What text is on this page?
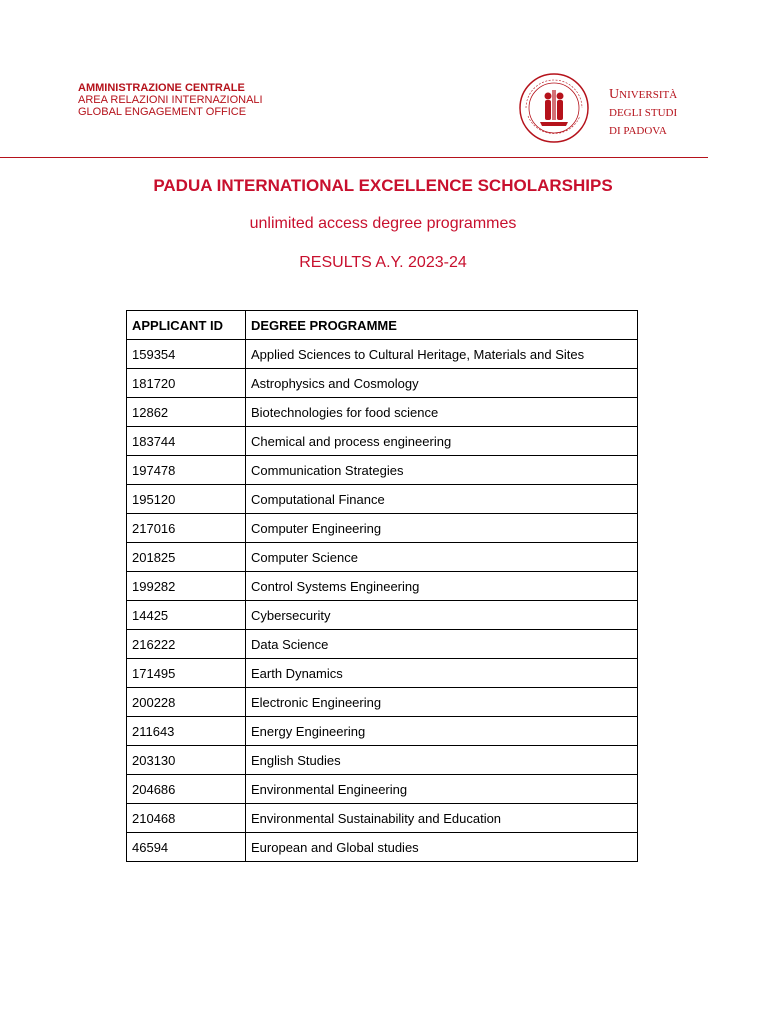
AMMINISTRAZIONE CENTRALE
AREA RELAZIONI INTERNAZIONALI
GLOBAL ENGAGEMENT OFFICE
UNIVERSITÀ
DEGLI STUDI
DI PADOVA
PADUA INTERNATIONAL EXCELLENCE SCHOLARSHIPS
unlimited access degree programmes
RESULTS A.Y. 2023-24
APPLICANT ID	DEGREE PROGRAMME
159354	Applied Sciences to Cultural Heritage, Materials and Sites
181720	Astrophysics and Cosmology
12862	Biotechnologies for food science
183744	Chemical and process engineering
197478	Communication Strategies
195120	Computational Finance
217016	Computer Engineering
201825	Computer Science
199282	Control Systems Engineering
14425	Cybersecurity
216222	Data Science
171495	Earth Dynamics
200228	Electronic Engineering
211643	Energy Engineering
203130	English Studies
204686	Environmental Engineering
210468	Environmental Sustainability and Education
46594	European and Global studies
